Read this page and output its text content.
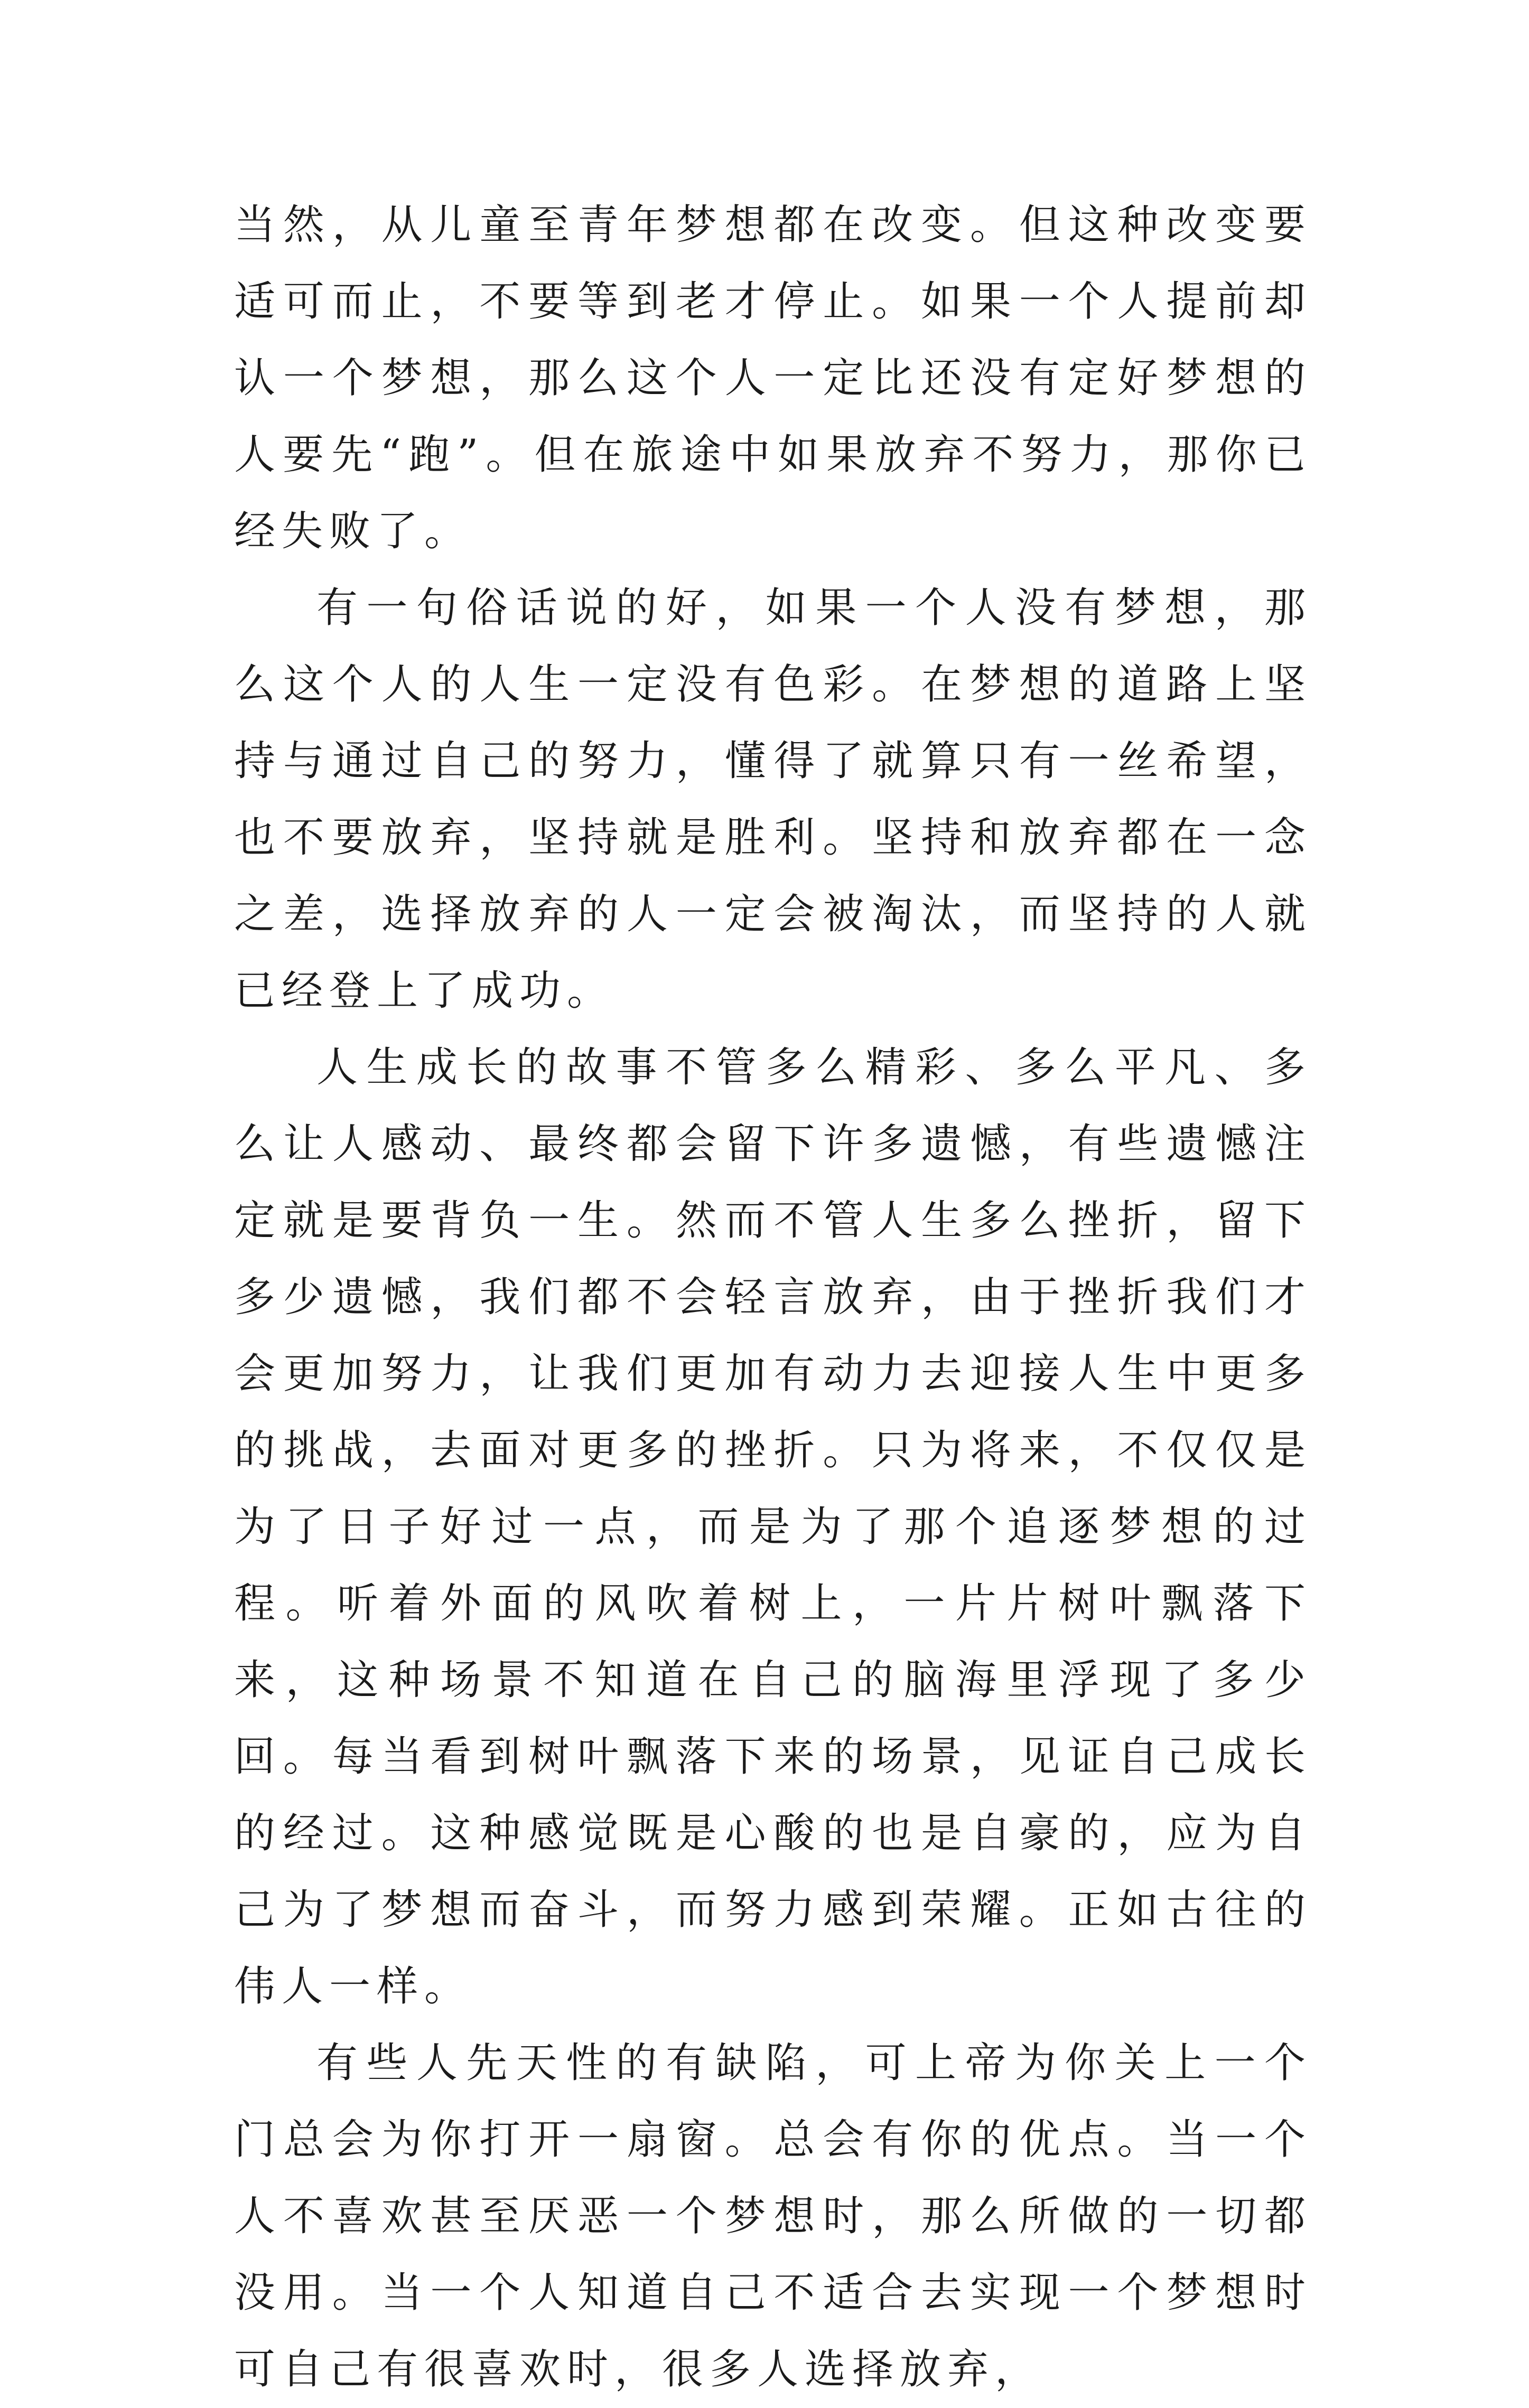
当然，从儿童至青年梦想都在改变。但这种改变要适可而止，不要等到老才停止。如果一个人提前却认一个梦想，那么这个人一定比还没有定好梦想的人要先“跑”。但在旅途中如果放弃不努力，那你已经失败了。

有一句俗话说的好，如果一个人没有梦想，那么这个人的人生一定没有色彩。在梦想的道路上坚持与通过自己的努力，懂得了就算只有一丝希望，也不要放弃，坚持就是胜利。坚持和放弃都在一念之差，选择放弃的人一定会被淘汰，而坚持的人就已经登上了成功。

人生成长的故事不管多么精彩、多么平凡、多么让人感动、最终都会留下许多遗憾，有些遗憾注定就是要背负一生。然而不管人生多么挫折，留下多少遗憾，我们都不会轻言放弃，由于挫折我们才会更加努力，让我们更加有动力去迎接人生中更多的挑战，去面对更多的挫折。只为将来，不仅仅是为了日子好过一点，而是为了那个追逐梦想的过程。听着外面的风吹着树上，一片片树叶飘落下来，这种场景不知道在自己的脑海里浮现了多少回。每当看到树叶飘落下来的场景，见证自己成长的经过。这种感觉既是心酸的也是自豪的，应为自己为了梦想而奋斗，而努力感到荣耀。正如古往的伟人一样。

有些人先天性的有缺陷，可上帝为你关上一个门总会为你打开一扇窗。总会有你的优点。当一个人不喜欢甚至厌恶一个梦想时，那么所做的一切都没用。当一个人知道自己不适合去实现一个梦想时可自己有很喜欢时，很多人选择放弃，
